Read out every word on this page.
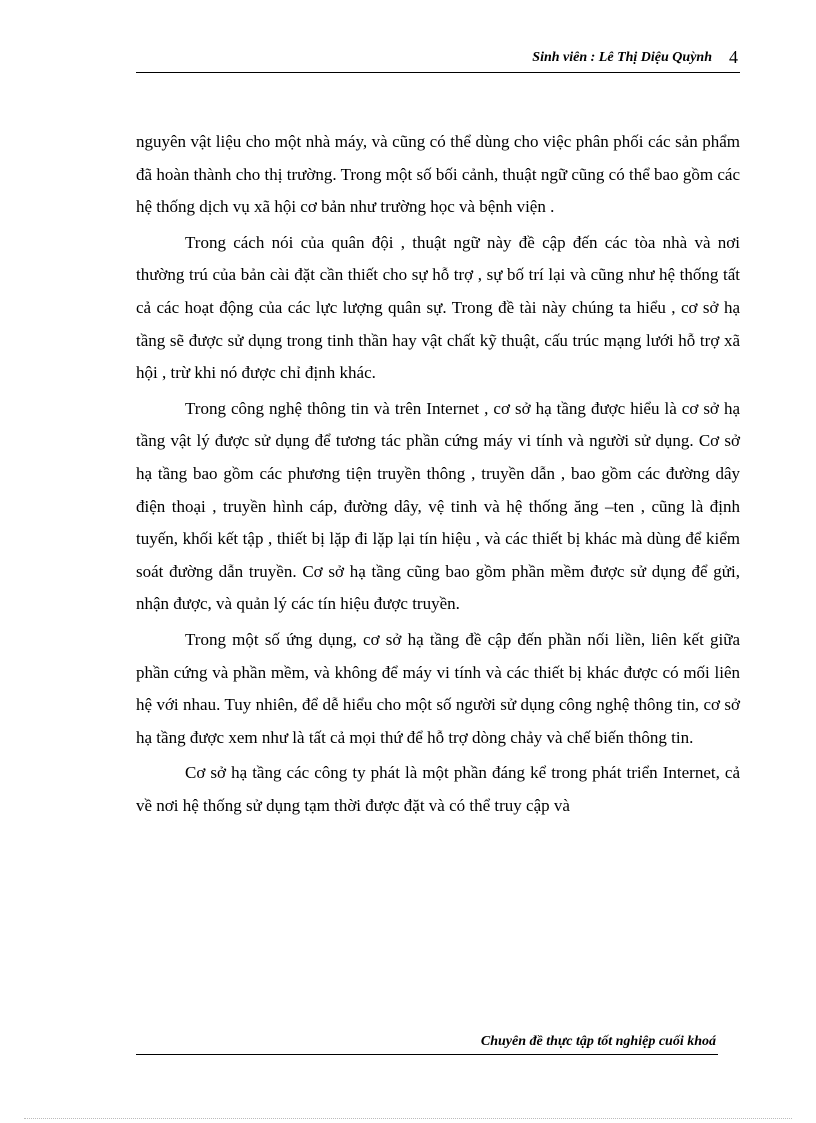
Sinh viên : Lê Thị Diệu Quỳnh 4

nguyên vật liệu cho một nhà máy, và cũng có thể dùng cho việc phân phối các sản phẩm đã hoàn thành cho thị trường. Trong một số bối cảnh, thuật ngữ cũng có thể bao gồm các hệ thống dịch vụ xã hội cơ bản như trường học và bệnh viện .

Trong cách nói của quân đội , thuật ngữ này đề cập đến các tòa nhà và nơi thường trú của bản cài đặt cần thiết cho sự hỗ trợ , sự bố trí lại và cũng như hệ thống tất cả các hoạt động của các lực lượng quân sự. Trong đề tài này chúng ta hiểu , cơ sở hạ tầng sẽ được sử dụng trong tinh thần hay vật chất kỹ thuật, cấu trúc mạng lưới hỗ trợ xã hội , trừ khi nó được chỉ định khác.

Trong công nghệ thông tin và trên Internet , cơ sở hạ tầng được hiểu là cơ sở hạ tầng vật lý được sử dụng để tương tác phần cứng máy vi tính và người sử dụng. Cơ sở hạ tầng bao gồm các phương tiện truyền thông , truyền dẫn , bao gồm các đường dây điện thoại , truyền hình cáp, đường dây, vệ tinh và hệ thống ăng –ten , cũng là định tuyến, khối kết tập , thiết bị lặp đi lặp lại tín hiệu , và các thiết bị khác mà dùng để kiểm soát đường dẫn truyền. Cơ sở hạ tầng cũng bao gồm phần mềm được sử dụng để gửi, nhận được, và quản lý các tín hiệu được truyền.

Trong một số ứng dụng, cơ sở hạ tầng đề cập đến phần nối liền, liên kết giữa phần cứng và phần mềm, và không để máy vi tính và các thiết bị khác được có mối liên hệ với nhau. Tuy nhiên, để dễ hiểu cho một số người sử dụng công nghệ thông tin, cơ sở hạ tầng được xem như là tất cả mọi thứ để hỗ trợ dòng chảy và chế biến thông tin.

Cơ sở hạ tầng các công ty phát là một phần đáng kể trong phát triển Internet, cả về nơi hệ thống sử dụng tạm thời được đặt và có thể truy cập và

Chuyên đề thực tập tốt nghiệp cuối khoá
